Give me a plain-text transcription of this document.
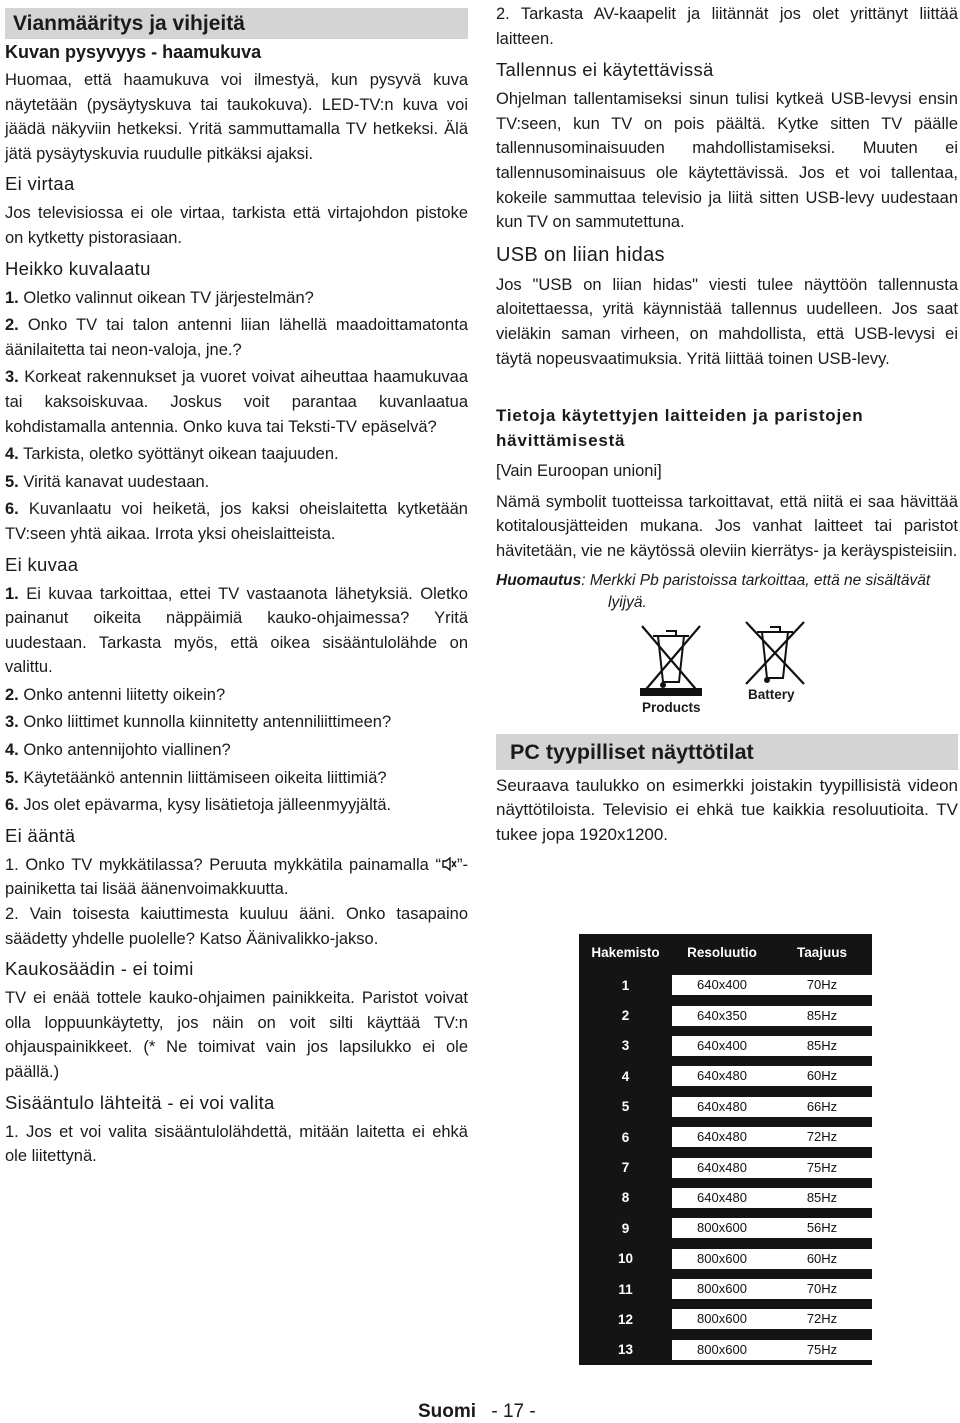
Vianmääritys ja vihjeitä
Kuvan pysyvyys - haamukuva

Huomaa, että haamukuva voi ilmestyä, kun pysyvä kuva näytetään (pysäytyskuva tai taukokuva). LED-TV:n kuva voi jäädä näkyviin hetkeksi. Yritä sammuttamalla TV hetkeksi. Älä jätä pysäytyskuvia ruudulle pitkäksi ajaksi.

Ei virtaa

Jos televisiossa ei ole virtaa, tarkista että virtajohdon pistoke on kytketty pistorasiaan.

Heikko kuvalaatu

1. Oletko valinnut oikean TV järjestelmän?

2. Onko TV tai talon antenni liian lähellä maadoittamatonta äänilaitetta tai neon-valoja, jne.?

3. Korkeat rakennukset ja vuoret voivat aiheuttaa haamukuvaa tai kaksoiskuvaa. Joskus voit parantaa kuvanlaatua kohdistamalla antennia. Onko kuva tai Teksti-TV epäselvä?

4. Tarkista, oletko syöttänyt oikean taajuuden.

5. Viritä kanavat uudestaan.

6. Kuvanlaatu voi heiketä, jos kaksi oheislaitetta kytketään TV:seen yhtä aikaa. Irrota yksi oheislaitteista.

Ei kuvaa

1. Ei kuvaa tarkoittaa, ettei TV vastaanota lähetyksiä. Oletko painanut oikeita näppäimiä kauko-ohjaimessa? Yritä uudestaan. Tarkasta myös, että oikea sisääntulolähde on valittu.

2. Onko antenni liitetty oikein?

3. Onko liittimet kunnolla kiinnitetty antenniliittimeen?

4. Onko antennijohto viallinen?

5. Käytetäänkö antennin liittämiseen oikeita liittimiä?

6. Jos olet epävarma, kysy lisätietoja jälleenmyyjältä.

Ei ääntä

1. Onko TV mykkätilassa? Peruuta mykkätila painamalla “ ”-painiketta tai lisää äänenvoimakkuutta.

2. Vain toisesta kaiuttimesta kuuluu ääni. Onko tasapaino säädetty yhdelle puolelle? Katso Äänivalikko-jakso.

Kaukosäädin - ei toimi

TV ei enää tottele kauko-ohjaimen painikkeita. Paristot voivat olla loppuunkäytetty, jos näin on voit silti käyttää TV:n ohjauspainikkeet. (* Ne toimivat vain jos lapsilukko ei ole päällä.)

Sisääntulo lähteitä - ei voi valita

1. Jos et voi valita sisääntulolähdettä, mitään laitetta ei ehkä ole liitettynä.

2. Tarkasta AV-kaapelit ja liitännät jos olet yrittänyt liittää laitteen.

Tallennus ei käytettävissä

Ohjelman tallentamiseksi sinun tulisi kytkeä USB-levysi ensin TV:seen, kun TV on pois päältä. Kytke sitten TV päälle tallennusominaisuuden mahdollistamiseksi. Muuten ei tallennusominaisuus ole käytettävissä. Jos et voi tallentaa, kokeile sammuttaa televisio ja liitä sitten USB-levy uudestaan kun TV on sammutettuna.

USB on liian hidas

Jos "USB on liian hidas" viesti tulee näyttöön tallennusta aloitettaessa, yritä käynnistää tallennus uudelleen. Jos saat vieläkin saman virheen, on mahdollista, että USB-levysi ei täytä nopeusvaatimuksia. Yritä liittää toinen USB-levy.

Tietoja käytettyjen laitteiden ja paristojen hävittämisestä

[Vain Euroopan unioni]

Nämä symbolit tuotteissa tarkoittavat, että niitä ei saa hävittää kotitalousjätteiden mukana. Jos vanhat laitteet tai paristot hävitetään, vie ne käytössä oleviin kierrätys- ja keräyspisteisiin.

Huomautus: Merkki Pb paristoissa tarkoittaa, että ne sisältävät lyijyä.
Products
Battery
PC tyypilliset näyttötilat

Seuraava taulukko on esimerkki joistakin tyypillisistä videon näyttötiloista. Televisio ei ehkä tue kaikkia resoluutioita. TV tukee jopa 1920x1200.

Hakemisto	Resoluutio	Taajuus
1	640x400	70Hz
2	640x350	85Hz
3	640x400	85Hz
4	640x480	60Hz
5	640x480	66Hz
6	640x480	72Hz
7	640x480	75Hz
8	640x480	85Hz
9	800x600	56Hz
10	800x600	60Hz
11	800x600	70Hz
12	800x600	72Hz
13	800x600	75Hz
Suomi - 17 -
